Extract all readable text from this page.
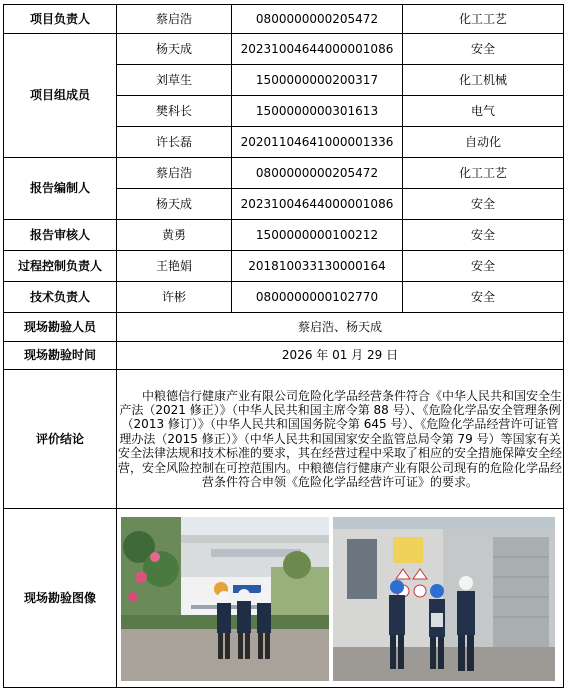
项目负责人	蔡启浩	0800000000205472	化工工艺
项目组成员	杨天成	20231004644000001086	安全
	刘草生	1500000000200317	化工机械
	樊科长	1500000000301613	电气
	许长磊	20201104641000001336	自动化
报告编制人	蔡启浩	0800000000205472	化工工艺
	杨天成	20231004644000001086	安全
报告审核人	黄勇	1500000000100212	安全
过程控制负责人	王艳娟	201810033130000164	安全
技术负责人	许彬	0800000000102770	安全
现场勘验人员	蔡启浩、杨天成		
现场勘验时间	2026 年 01 月 29 日		
评价结论	中粮德信行健康产业有限公司危险化学品经营条件符合《中华人民共和国安全生产法（2021 修正）》（中华人民共和国主席令第 88 号）、《危险化学品安全管理条例（2013 修订）》（中华人民共和国国务院令第 645 号）、《危险化学品经营许可证管理办法（2015 修正）》（中华人民共和国国家安全监管总局令第 79 号）等国家有关安全法律法规和技术标准的要求，其在经营过程中采取了相应的安全措施保障安全经营，安全风险控制在可控范围内。中粮德信行健康产业有限公司现有的危险化学品经营条件符合申领《危险化学品经营许可证》的要求。		
现场勘验图像	
